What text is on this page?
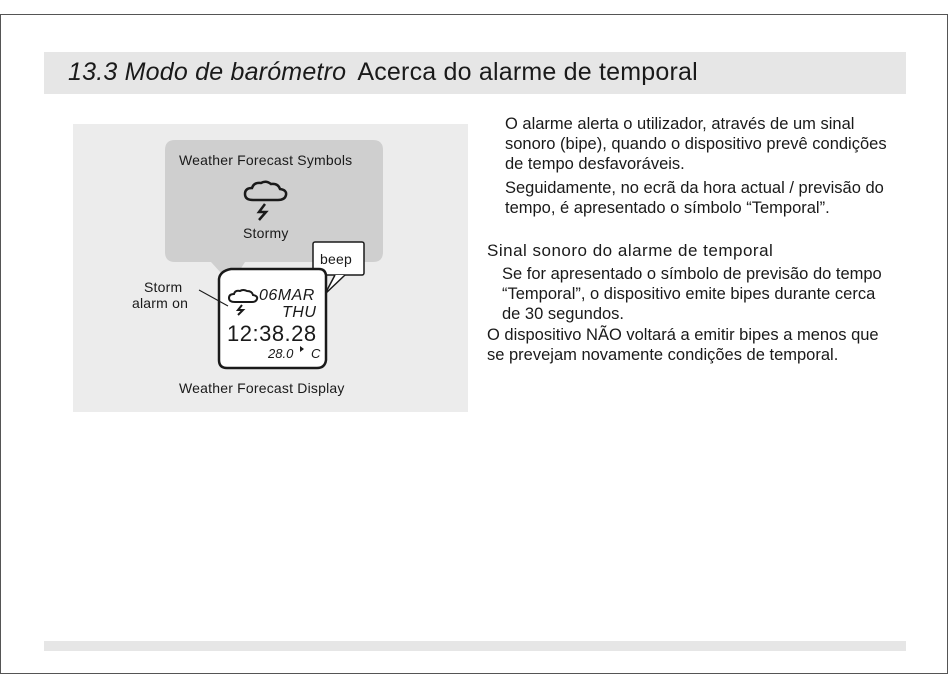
13.3 Modo de barómetro Acerca do alarme de temporal
Weather Forecast Symbols
Stormy
beep
Storm
alarm on	06MAR
THU
12:38.28
28.0 C
Weather Forecast Display
O alarme alerta o utilizador, através de um sinal sonoro (bipe), quando o dispositivo prevê condições de tempo desfavoráveis.
Seguidamente, no ecrã da hora actual / previsão do tempo, é apresentado o símbolo “Temporal”.
Sinal sonoro do alarme de temporal
Se for apresentado o símbolo de previsão do tempo “Temporal”, o dispositivo emite bipes durante cerca de 30 segundos.
O dispositivo NÃO voltará a emitir bipes a menos que se prevejam novamente condições de temporal.
